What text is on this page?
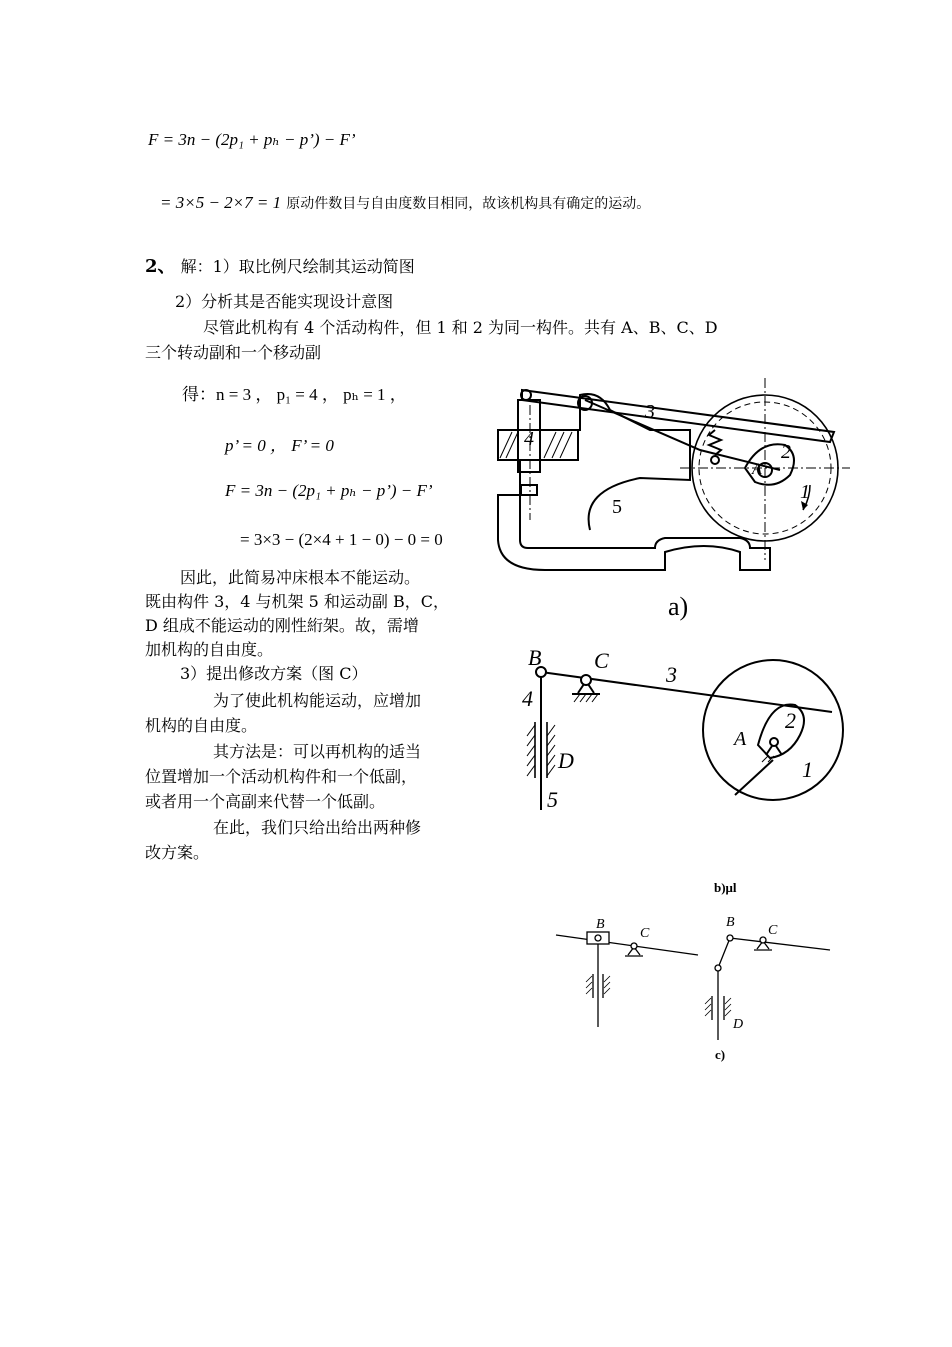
F = 3n − (2p₁ + pₕ − p’) − F’
= 3×5 − 2×7 = 1 原动件数目与自由度数目相同，故该机构具有确定的运动。
2、 解：1）取比例尺绘制其运动简图
2）分析其是否能实现设计意图
尽管此机构有 4 个活动构件，但 1 和 2 为同一构件。共有 A、B、C、D
三个转动副和一个移动副
得：n = 3 ， p₁ = 4 ， pₕ = 1 ，
p’ = 0 ， F’ = 0
F = 3n − (2p₁ + pₕ − p’) − F’
= 3×3 − (2×4 + 1 − 0) − 0 = 0
因此，此简易冲床根本不能运动。
既由构件 3，4 与机架 5 和运动副 B，C，
D 组成不能运动的刚性絎架。故，需增
加机构的自由度。
3）提出修改方案（图 C）
为了使此机构能运动，应增加
机构的自由度。
其方法是：可以再机构的适当
位置增加一个活动机构件和一个低副，
或者用一个高副来代替一个低副。
在此，我们只给出给出两种修
改方案。
3
4
2
A
1
5
a)
B C
3
4
D
5
A
2
1
b)μl
B
C
B
C
D
c)
